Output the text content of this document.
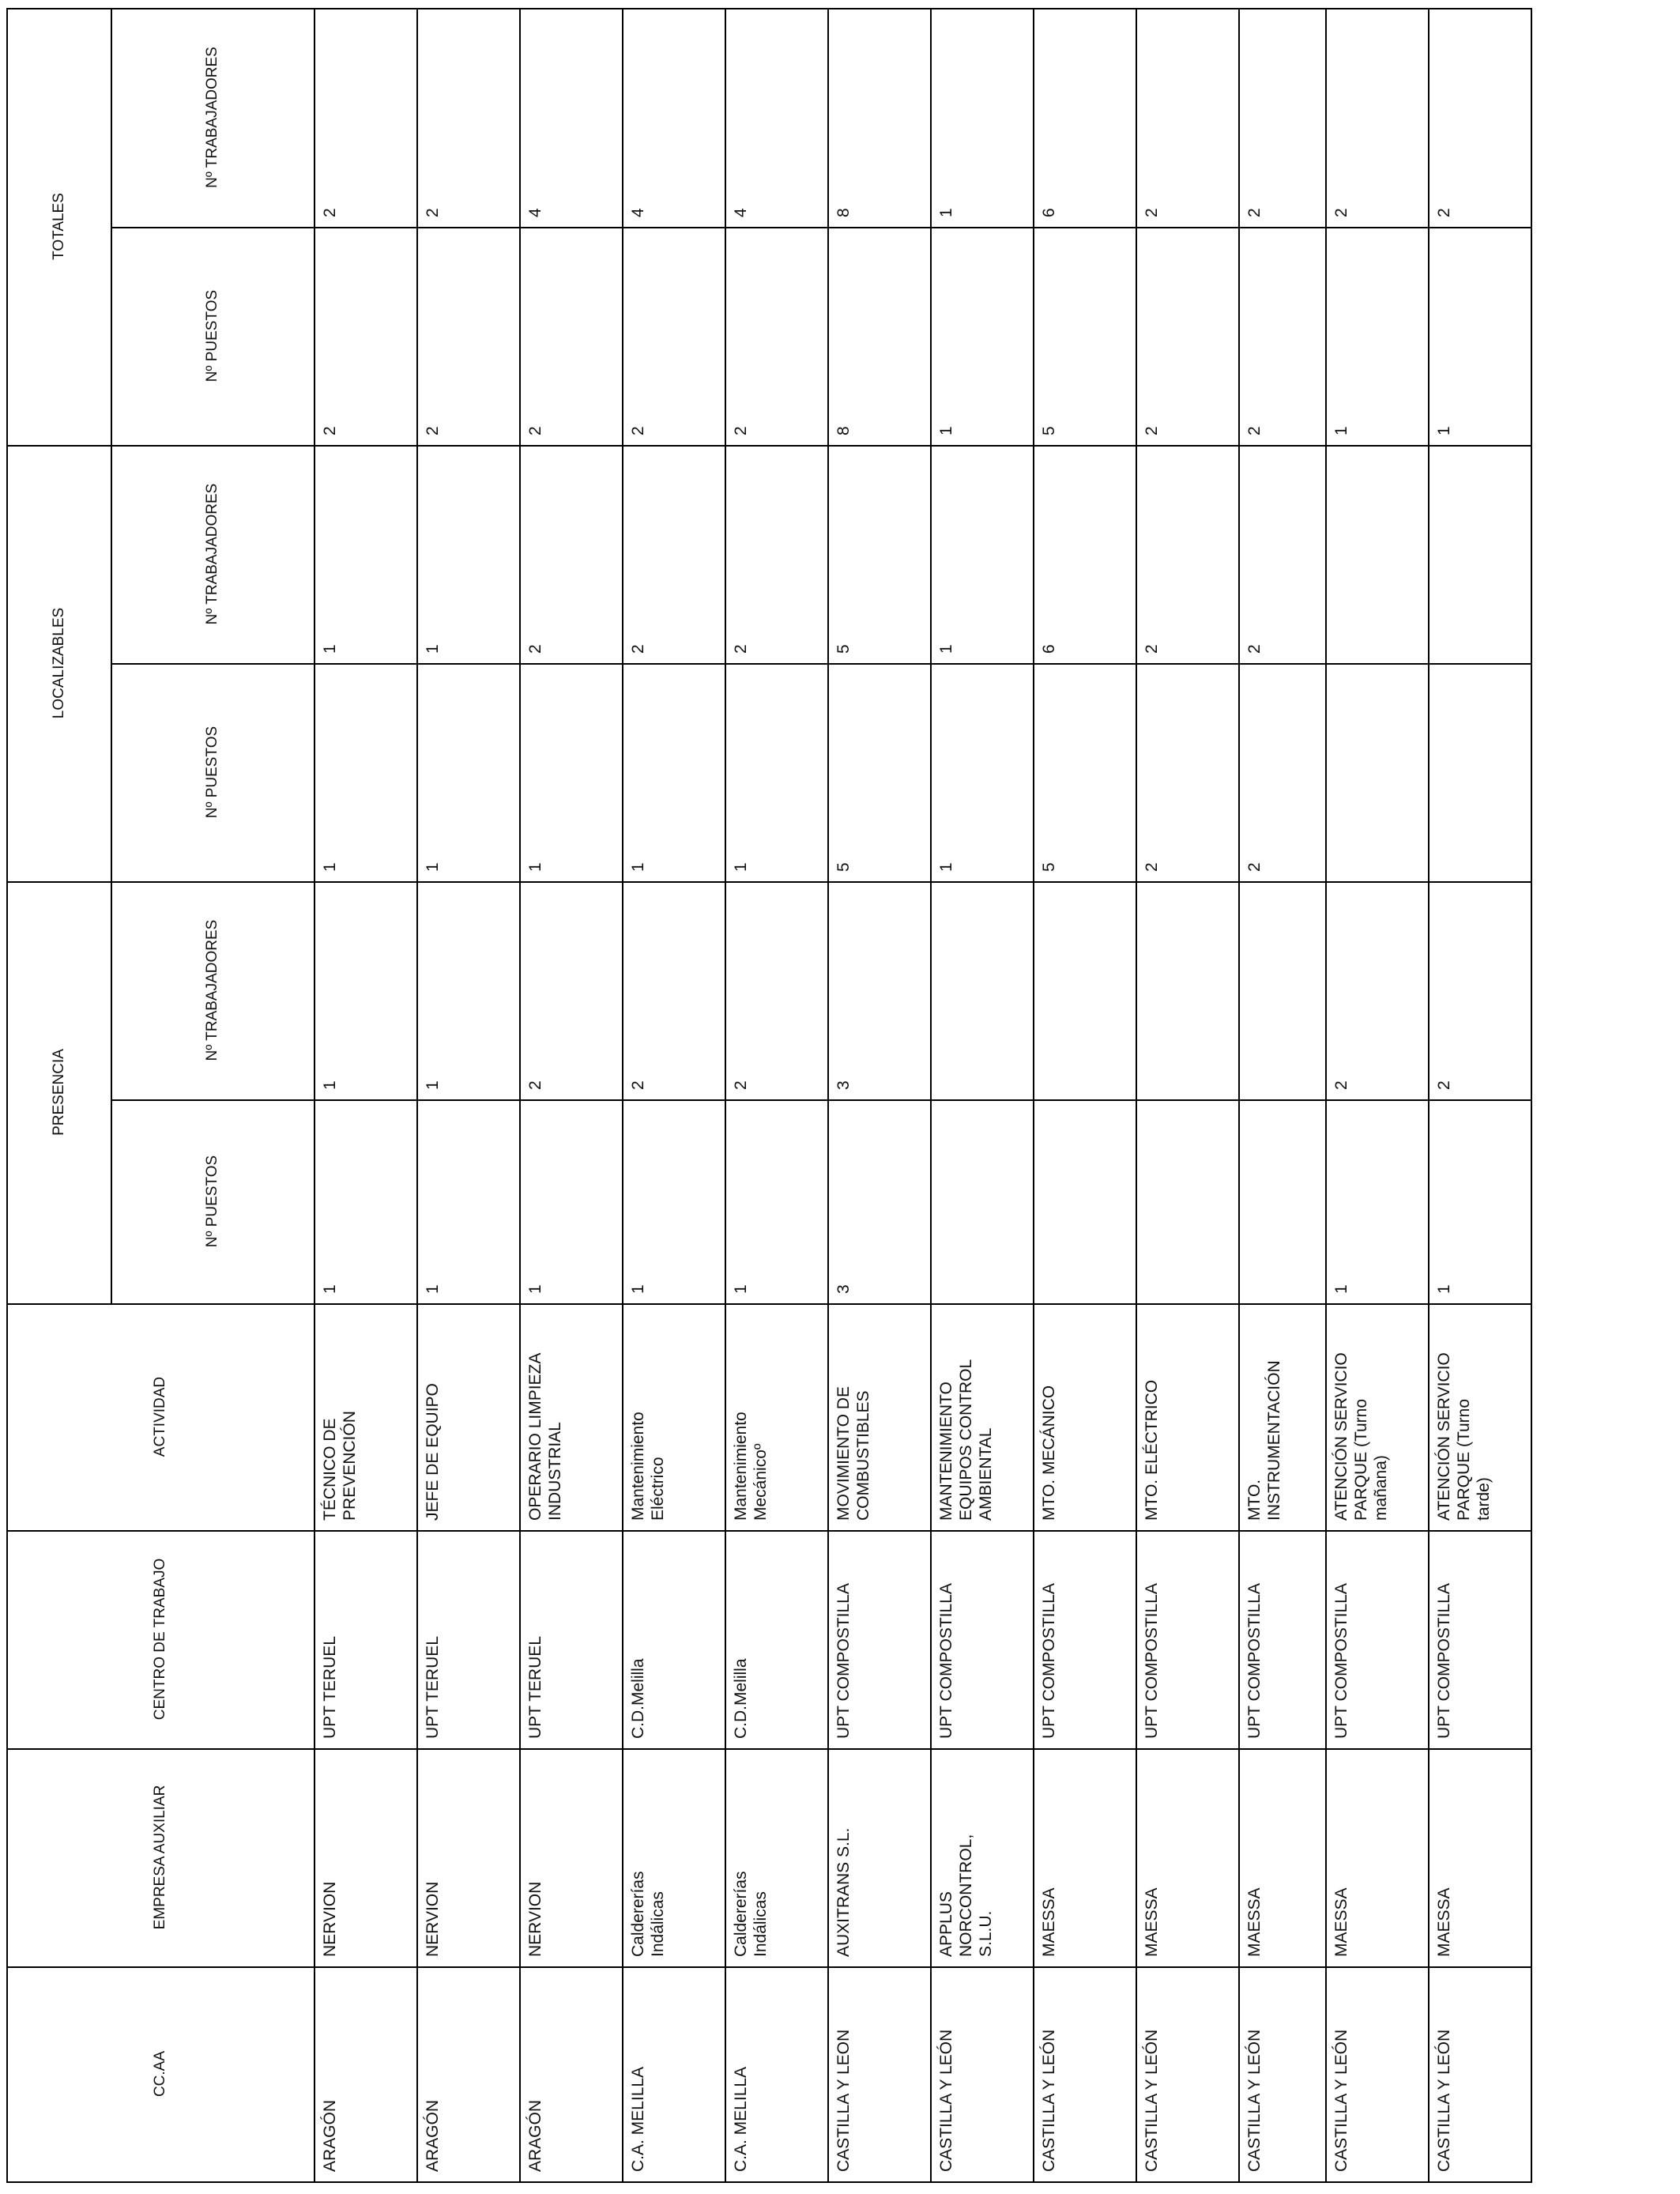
TOTALES
LOCALIZABLES
PRESENCIA
Nº TRABAJADORES
Nº PUESTOS
Nº TRABAJADORES
Nº PUESTOS
Nº TRABAJADORES
Nº PUESTOS
ACTIVIDAD
CENTRO DE TRABAJO
EMPRESA AUXILIAR
CC.AA
2
2
1
1
1
1
TÉCNICO DE
PREVENCIÓN
UPT TERUEL
NERVION
ARAGÓN
2
2
1
1
1
1
JEFE DE EQUIPO
UPT TERUEL
NERVION
ARAGÓN
4
2
2
1
2
1
OPERARIO LIMPIEZA
INDUSTRIAL
UPT TERUEL
NERVION
ARAGÓN
4
2
2
1
2
1
Mantenimiento
Eléctrico
C.D.Melilla
Caldererías
Indálicas
C.A. MELILLA
4
2
2
1
2
1
Mantenimiento
Mecánicoº
C.D.Melilla
Caldererías
Indálicas
C.A. MELILLA
8
8
5
5
3
3
MOVIMIENTO DE
COMBUSTIBLES
UPT COMPOSTILLA
AUXITRANS S.L.
CASTILLA Y LEON
1
1
1
1
MANTENIMIENTO
EQUIPOS CONTROL
AMBIENTAL
UPT COMPOSTILLA
APPLUS
NORCONTROL,
S.L.U.
CASTILLA Y LEÓN
6
5
6
5
MTO. MECÁNICO
UPT COMPOSTILLA
MAESSA
CASTILLA Y LEÓN
2
2
2
2
MTO. ELÉCTRICO
UPT COMPOSTILLA
MAESSA
CASTILLA Y LEÓN
2
2
2
2
MTO.
INSTRUMENTACIÓN
UPT COMPOSTILLA
MAESSA
CASTILLA Y LEÓN
2
1
2
1
ATENCIÓN SERVICIO
PARQUE (Turno
mañana)
UPT COMPOSTILLA
MAESSA
CASTILLA Y LEÓN
2
1
2
1
ATENCIÓN SERVICIO
PARQUE (Turno
tarde)
UPT COMPOSTILLA
MAESSA
CASTILLA Y LEÓN
